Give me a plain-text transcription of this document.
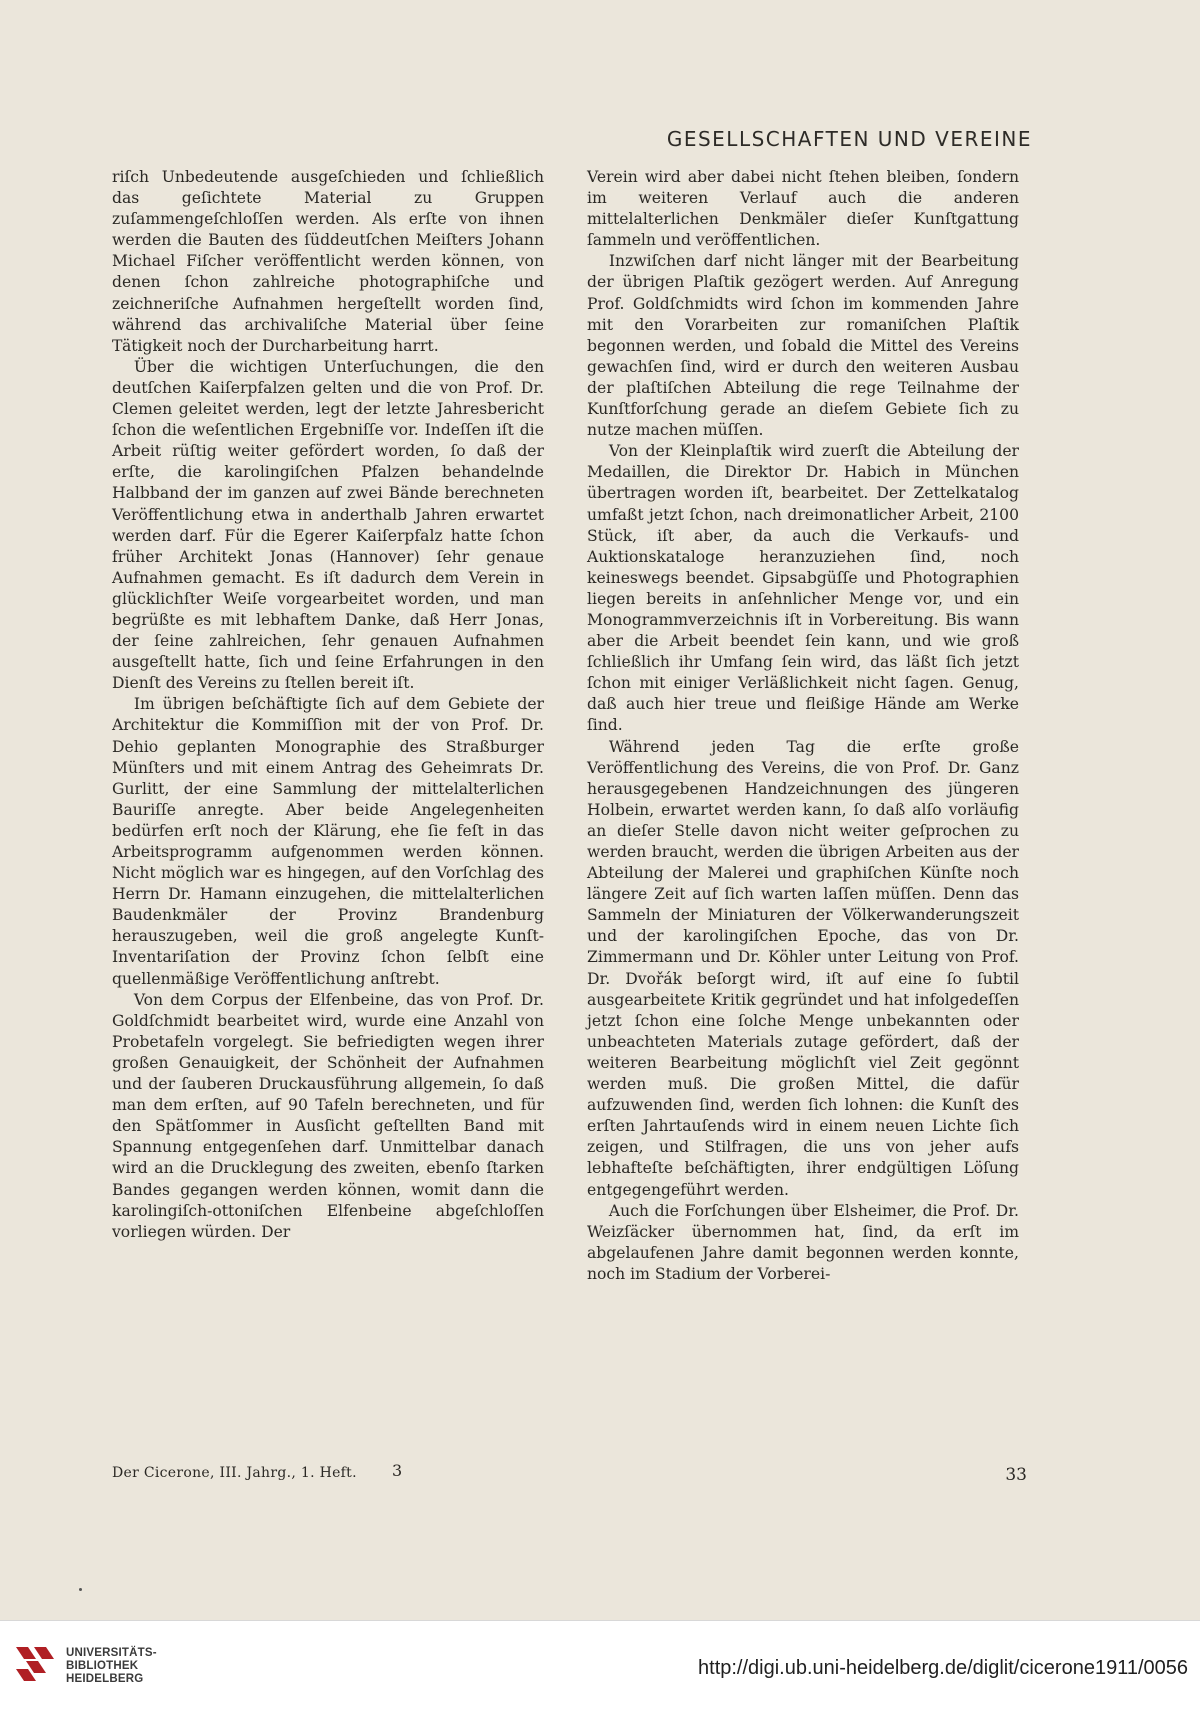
GESELLSCHAFTEN UND VEREINE

riſch Unbedeutende ausgeſchieden und ſchließlich das geſichtete Material zu Gruppen zuſammengeſchloſſen werden. Als erſte von ihnen werden die Bauten des ſüddeutſchen Meiſters Johann Michael Fiſcher veröffentlicht werden können, von denen ſchon zahlreiche photographiſche und zeichneriſche Aufnahmen hergeſtellt worden ſind, während das archivaliſche Material über ſeine Tätigkeit noch der Durcharbeitung harrt.

Über die wichtigen Unterſuchungen, die den deutſchen Kaiſerpfalzen gelten und die von Prof. Dr. Clemen geleitet werden, legt der letzte Jahresbericht ſchon die weſentlichen Ergebniſſe vor. Indeſſen iſt die Arbeit rüſtig weiter gefördert worden, ſo daß der erſte, die karolingiſchen Pfalzen behandelnde Halbband der im ganzen auf zwei Bände berechneten Veröffentlichung etwa in anderthalb Jahren erwartet werden darf. Für die Egerer Kaiſerpfalz hatte ſchon früher Architekt Jonas (Hannover) ſehr genaue Aufnahmen gemacht. Es iſt dadurch dem Verein in glücklichſter Weiſe vorgearbeitet worden, und man begrüßte es mit lebhaftem Danke, daß Herr Jonas, der ſeine zahlreichen, ſehr genauen Aufnahmen ausgeſtellt hatte, ſich und ſeine Erfahrungen in den Dienſt des Vereins zu ſtellen bereit iſt.

Im übrigen beſchäftigte ſich auf dem Gebiete der Architektur die Kommiſſion mit der von Prof. Dr. Dehio geplanten Monographie des Straßburger Münſters und mit einem Antrag des Geheimrats Dr. Gurlitt, der eine Sammlung der mittelalterlichen Bauriſſe anregte. Aber beide Angelegenheiten bedürfen erſt noch der Klärung, ehe ſie feſt in das Arbeitsprogramm aufgenommen werden können. Nicht möglich war es hingegen, auf den Vorſchlag des Herrn Dr. Hamann einzugehen, die mittelalterlichen Baudenkmäler der Provinz Brandenburg herauszugeben, weil die groß angelegte Kunſt-Inventariſation der Provinz ſchon ſelbſt eine quellenmäßige Veröffentlichung anſtrebt.

Von dem Corpus der Elfenbeine, das von Prof. Dr. Goldſchmidt bearbeitet wird, wurde eine Anzahl von Probetafeln vorgelegt. Sie befriedigten wegen ihrer großen Genauigkeit, der Schönheit der Aufnahmen und der ſauberen Druckausführung allgemein, ſo daß man dem erſten, auf 90 Tafeln berechneten, und für den Spätſommer in Ausſicht geſtellten Band mit Spannung entgegenſehen darf. Unmittelbar danach wird an die Drucklegung des zweiten, ebenſo ſtarken Bandes gegangen werden können, womit dann die karolingiſch-ottoniſchen Elfenbeine abgeſchloſſen vorliegen würden. Der

Verein wird aber dabei nicht ſtehen bleiben, ſondern im weiteren Verlauf auch die anderen mittelalterlichen Denkmäler dieſer Kunſtgattung ſammeln und veröffentlichen.

Inzwiſchen darf nicht länger mit der Bearbeitung der übrigen Plaſtik gezögert werden. Auf Anregung Prof. Goldſchmidts wird ſchon im kommenden Jahre mit den Vorarbeiten zur romaniſchen Plaſtik begonnen werden, und ſobald die Mittel des Vereins gewachſen ſind, wird er durch den weiteren Ausbau der plaſtiſchen Abteilung die rege Teilnahme der Kunſtforſchung gerade an dieſem Gebiete ſich zu nutze machen müſſen.

Von der Kleinplaſtik wird zuerſt die Abteilung der Medaillen, die Direktor Dr. Habich in München übertragen worden iſt, bearbeitet. Der Zettelkatalog umfaßt jetzt ſchon, nach dreimonatlicher Arbeit, 2100 Stück, iſt aber, da auch die Verkaufs- und Auktionskataloge heranzuziehen ſind, noch keineswegs beendet. Gipsabgüſſe und Photographien liegen bereits in anſehnlicher Menge vor, und ein Monogrammverzeichnis iſt in Vorbereitung. Bis wann aber die Arbeit beendet ſein kann, und wie groß ſchließlich ihr Umfang ſein wird, das läßt ſich jetzt ſchon mit einiger Verläßlichkeit nicht ſagen. Genug, daß auch hier treue und fleißige Hände am Werke ſind.

Während jeden Tag die erſte große Veröffentlichung des Vereins, die von Prof. Dr. Ganz herausgegebenen Handzeichnungen des jüngeren Holbein, erwartet werden kann, ſo daß alſo vorläufig an dieſer Stelle davon nicht weiter geſprochen zu werden braucht, werden die übrigen Arbeiten aus der Abteilung der Malerei und graphiſchen Künſte noch längere Zeit auf ſich warten laſſen müſſen. Denn das Sammeln der Miniaturen der Völkerwanderungszeit und der karolingiſchen Epoche, das von Dr. Zimmermann und Dr. Köhler unter Leitung von Prof. Dr. Dvořák beſorgt wird, iſt auf eine ſo ſubtil ausgearbeitete Kritik gegründet und hat infolgedeſſen jetzt ſchon eine ſolche Menge unbekannten oder unbeachteten Materials zutage gefördert, daß der weiteren Bearbeitung möglichſt viel Zeit gegönnt werden muß. Die großen Mittel, die dafür aufzuwenden ſind, werden ſich lohnen: die Kunſt des erſten Jahrtauſends wird in einem neuen Lichte ſich zeigen, und Stilfragen, die uns von jeher aufs lebhafteſte beſchäftigten, ihrer endgültigen Löſung entgegengeführt werden.

Auch die Forſchungen über Elsheimer, die Prof. Dr. Weizſäcker übernommen hat, ſind, da erſt im abgelaufenen Jahre damit begonnen werden konnte, noch im Stadium der Vorberei-

Der Cicerone, III. Jahrg., 1. Heft. 3	33
UNIVERSITÄTS-
BIBLIOTHEK
HEIDELBERG	http://digi.ub.uni-heidelberg.de/diglit/cicerone1911/0056
